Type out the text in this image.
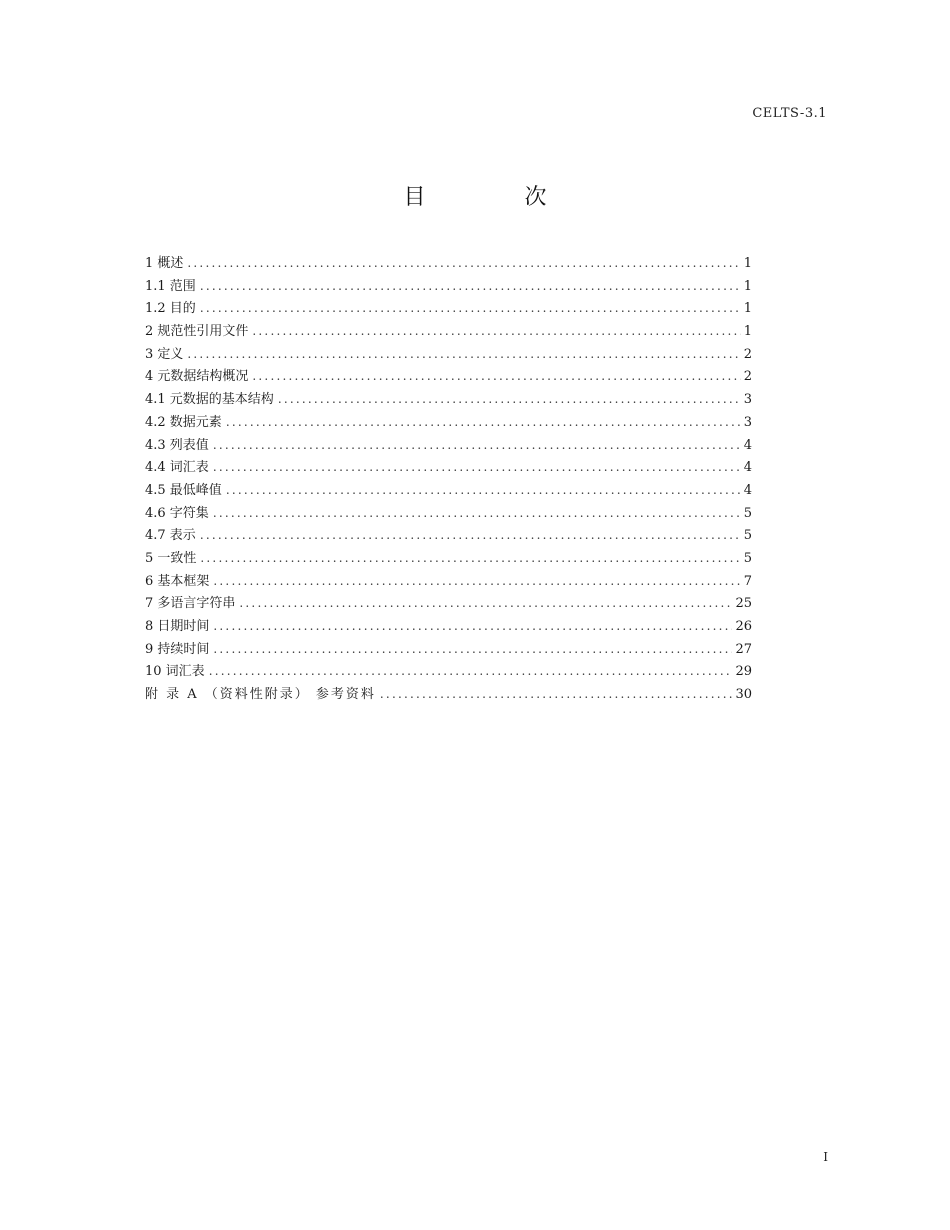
CELTS-3.1
目 次
1 概述 .....	1
1.1 范围 .....	1
1.2 目的 .....	1
2 规范性引用文件 .....	1
3 定义 .....	2
4 元数据结构概况 .....	2
4.1 元数据的基本结构 .....	3
4.2 数据元素 .....	3
4.3 列表值 .....	4
4.4 词汇表 .....	4
4.5 最低峰值 .....	4
4.6 字符集 .....	5
4.7 表示 .....	5
5 一致性 .....	5
6 基本框架 .....	7
7 多语言字符串 .....	25
8 日期时间 .....	26
9 持续时间 .....	27
10 词汇表 .....	29
附 录 A （资料性附录） 参考资料 .....	30
I
